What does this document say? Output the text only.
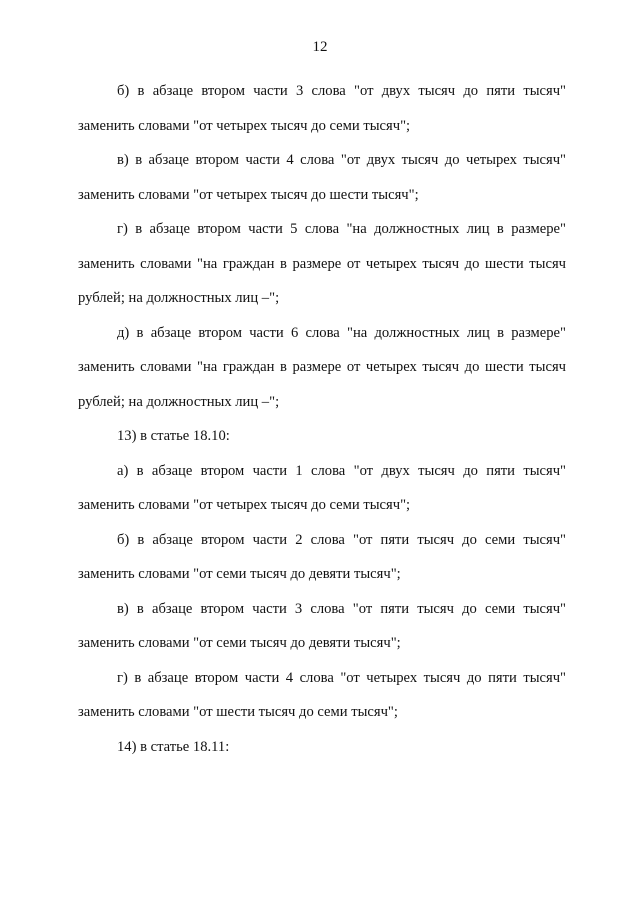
12

б) в абзаце втором части 3 слова "от двух тысяч до пяти тысяч" заменить словами "от четырех тысяч до семи тысяч";

в) в абзаце втором части 4 слова "от двух тысяч до четырех тысяч" заменить словами "от четырех тысяч до шести тысяч";

г) в абзаце втором части 5 слова "на должностных лиц в размере" заменить словами "на граждан в размере от четырех тысяч до шести тысяч рублей; на должностных лиц –";

д) в абзаце втором части 6 слова "на должностных лиц в размере" заменить словами "на граждан в размере от четырех тысяч до шести тысяч рублей; на должностных лиц –";

13) в статье 18.10:

а) в абзаце втором части 1 слова "от двух тысяч до пяти тысяч" заменить словами "от четырех тысяч до семи тысяч";

б) в абзаце втором части 2 слова "от пяти тысяч до семи тысяч" заменить словами "от семи тысяч до девяти тысяч";

в) в абзаце втором части 3 слова "от пяти тысяч до семи тысяч" заменить словами "от семи тысяч до девяти тысяч";

г) в абзаце втором части 4 слова "от четырех тысяч до пяти тысяч" заменить словами "от шести тысяч до семи тысяч";

14) в статье 18.11:
